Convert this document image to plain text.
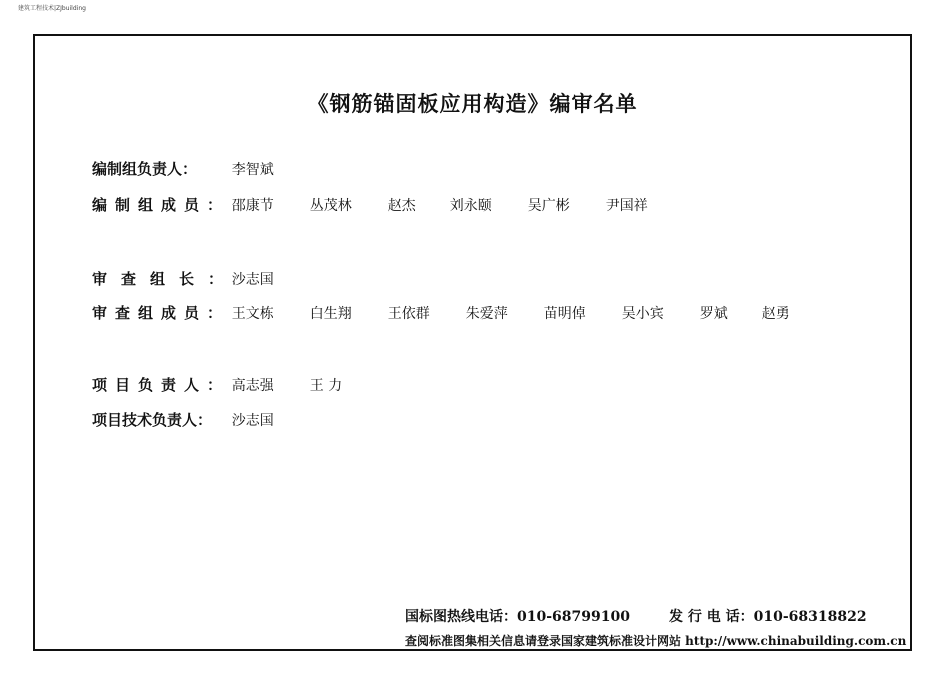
建筑工程技术|ZJbuilding
《钢筋锚固板应用构造》编审名单
编制组负责人： 李智斌
编制组成员： 邵康节	丛茂林	赵杰 刘永颐	吴广彬	尹国祥
审查组长： 沙志国
审查组成员： 王文栋	白生翔	王依群	朱爱萍	苗明倬	吴小宾	罗斌 赵勇
项目负责人： 高志强	王 力
项目技术负责人： 沙志国
国标图热线电话：010-68799100	发 行 电 话：010-68318822
查阅标准图集相关信息请登录国家建筑标准设计网站 http://www.chinabuilding.com.cn
